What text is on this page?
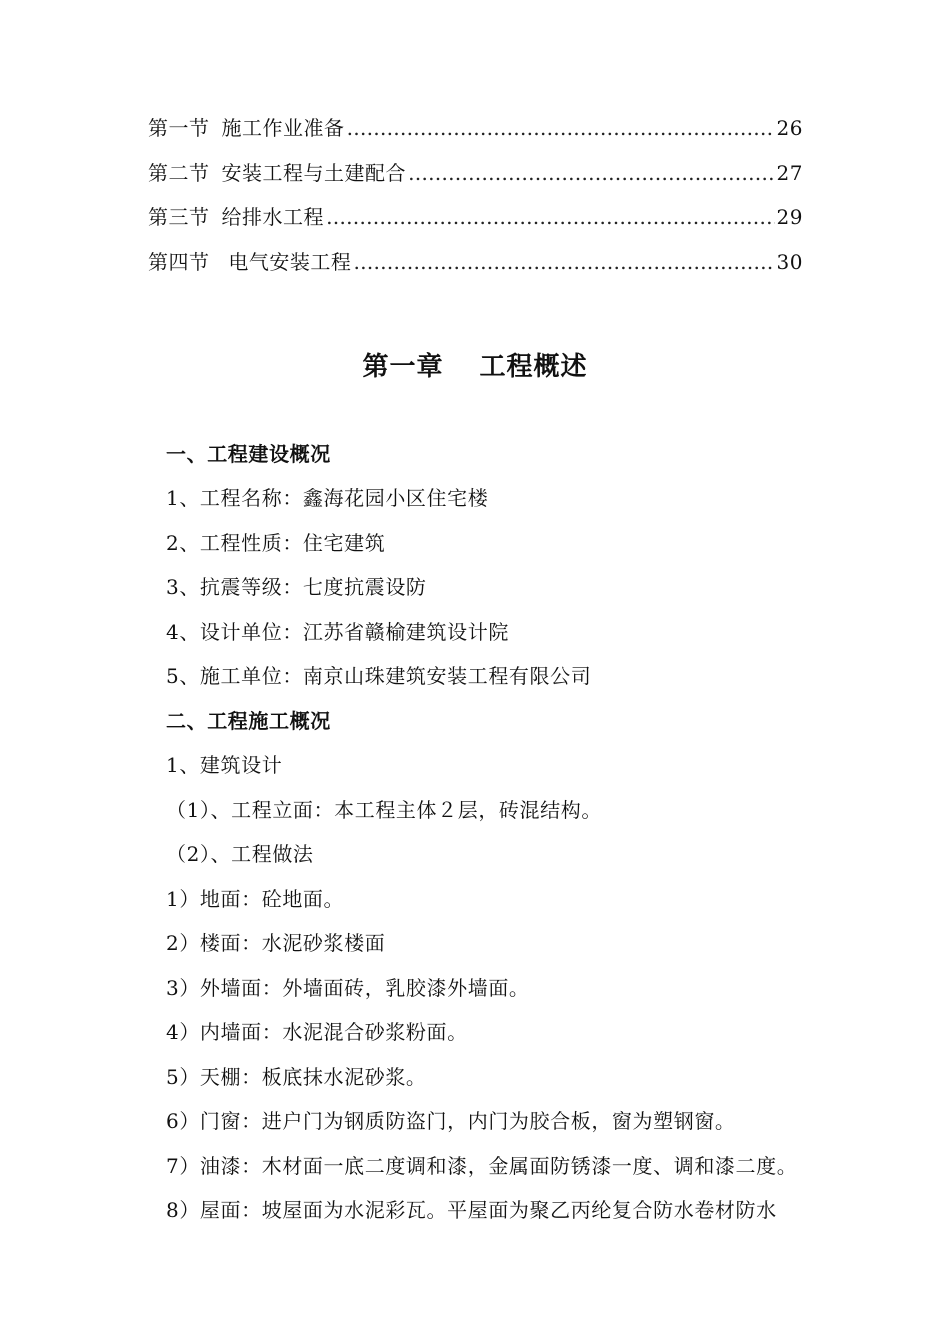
第一节 施工作业准备 …………………………………………………………………………………………………………………………	26
第二节 安装工程与土建配合 …………………………………………………………………………………………………………………………	27
第三节 给排水工程 …………………………………………………………………………………………………………………………	29
第四节 电气安装工程 …………………………………………………………………………………………………………………………	30
第一章 工程概述
一、工程建设概况
1、工程名称：鑫海花园小区住宅楼
2、工程性质：住宅建筑
3、抗震等级：七度抗震设防
4、设计单位：江苏省赣榆建筑设计院
5、施工单位：南京山珠建筑安装工程有限公司
二、工程施工概况
1、建筑设计
（1）、工程立面：本工程主体２层，砖混结构。
（2）、工程做法
1）地面：砼地面。
2）楼面：水泥砂浆楼面
3）外墙面：外墙面砖，乳胶漆外墙面。
4）内墙面：水泥混合砂浆粉面。
5）天棚：板底抹水泥砂浆。
6）门窗：进户门为钢质防盗门，内门为胶合板，窗为塑钢窗。
7）油漆：木材面一底二度调和漆，金属面防锈漆一度、调和漆二度。
8）屋面：坡屋面为水泥彩瓦。平屋面为聚乙丙纶复合防水卷材防水
